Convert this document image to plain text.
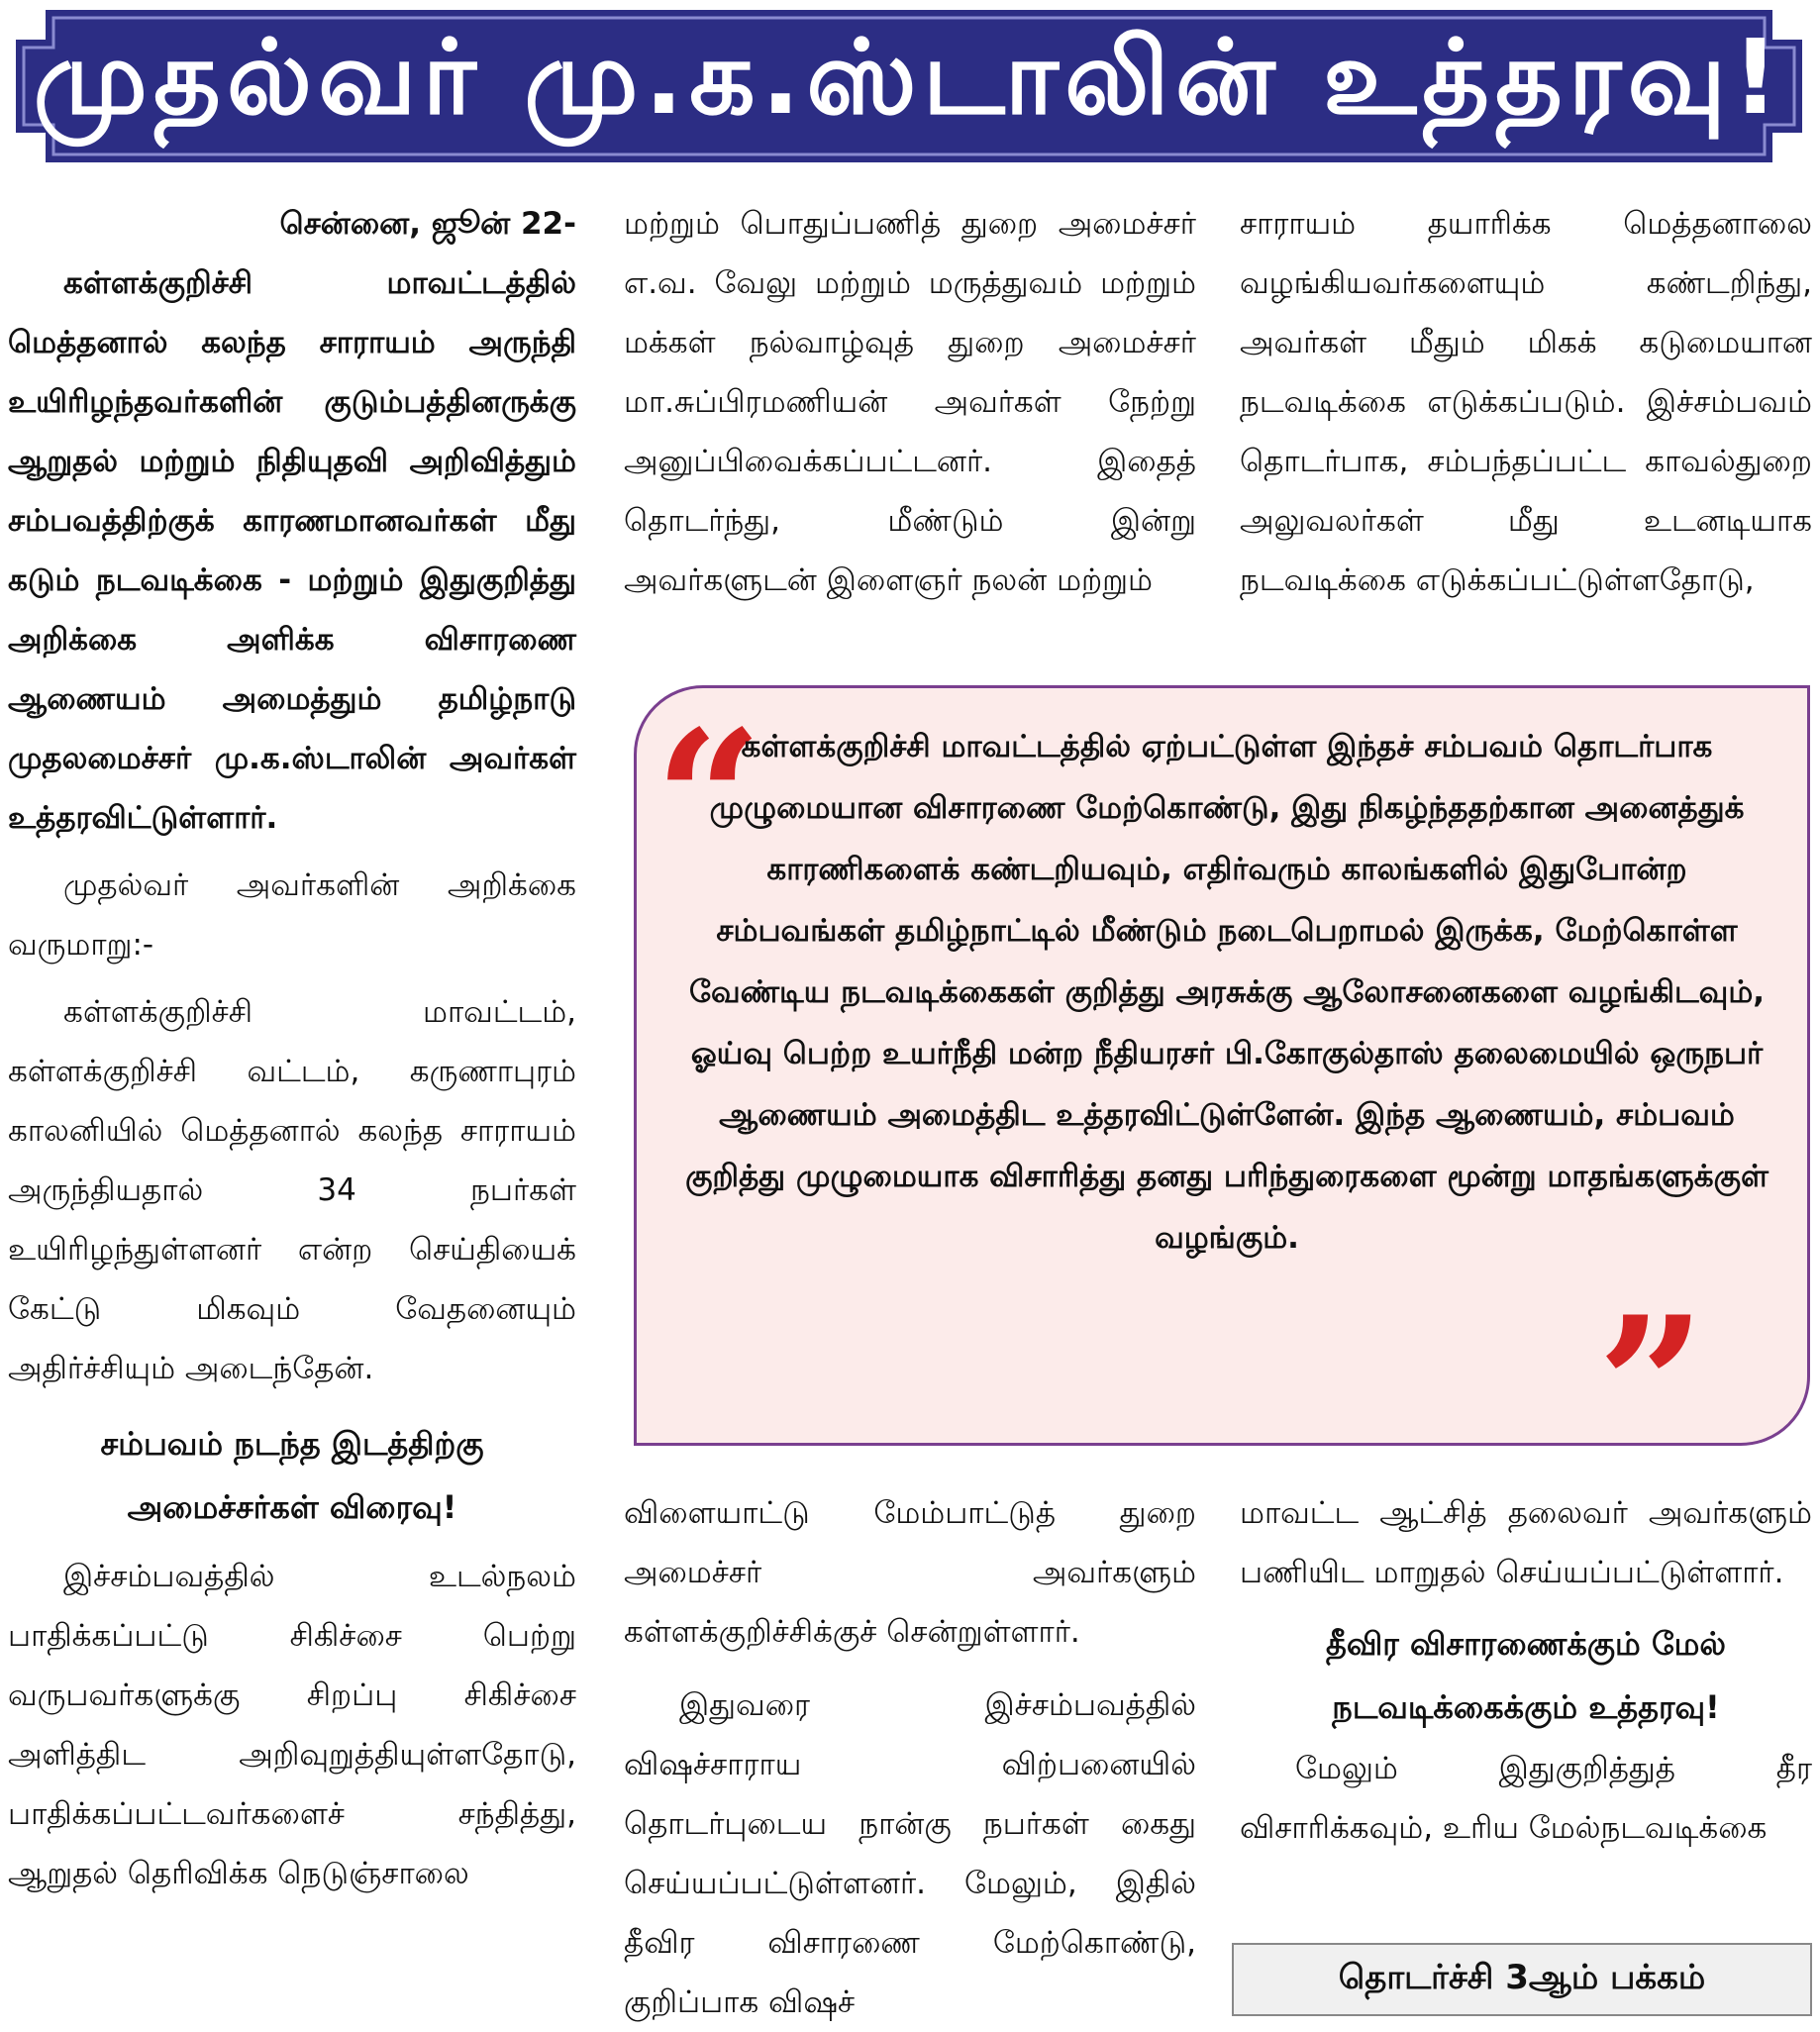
முதல்வர் மு.க.ஸ்டாலின் உத்தரவு!

சென்னை, ஜூன் 22-

கள்ளக்குறிச்சி மாவட்டத்தில் மெத்தனால் கலந்த சாராயம் அருந்தி உயிரிழந்தவர்களின் குடும்பத்தினருக்கு ஆறுதல் மற்றும் நிதியுதவி அறிவித்தும் சம்பவத்திற்குக் காரணமானவர்கள் மீது கடும் நடவடிக்கை - மற்றும் இதுகுறித்து அறிக்கை அளிக்க விசாரணை ஆணையம் அமைத்தும் தமிழ்நாடு முதலமைச்சர் மு.க.ஸ்டாலின் அவர்கள் உத்தரவிட்டுள்ளார்.

முதல்வர் அவர்களின் அறிக்கை வருமாறு:-

கள்ளக்குறிச்சி மாவட்டம், கள்ளக்குறிச்சி வட்டம், கருணாபுரம் காலனியில் மெத்தனால் கலந்த சாராயம் அருந்தியதால் 34 நபர்கள் உயிரிழந்துள்ளனர் என்ற செய்தியைக் கேட்டு மிகவும் வேதனையும் அதிர்ச்சியும் அடைந்தேன்.

சம்பவம் நடந்த இடத்திற்கு அமைச்சர்கள் விரைவு!

இச்சம்பவத்தில் உடல்நலம் பாதிக்கப்பட்டு சிகிச்சை பெற்று வருபவர்களுக்கு சிறப்பு சிகிச்சை அளித்திட அறிவுறுத்தியுள்ளதோடு, பாதிக்கப்பட்டவர்களைச் சந்தித்து, ஆறுதல் தெரிவிக்க நெடுஞ்சாலை

மற்றும் பொதுப்பணித் துறை அமைச்சர் எ.வ. வேலு மற்றும் மருத்துவம் மற்றும் மக்கள் நல்வாழ்வுத் துறை அமைச்சர் மா.சுப்பிரமணியன் அவர்கள் நேற்று அனுப்பிவைக்கப்பட்டனர். இதைத் தொடர்ந்து, மீண்டும் இன்று அவர்களுடன் இளைஞர் நலன் மற்றும்

சாராயம் தயாரிக்க மெத்தனாலை வழங்கியவர்களையும் கண்டறிந்து, அவர்கள் மீதும் மிகக் கடுமையான நடவடிக்கை எடுக்கப்படும். இச்சம்பவம் தொடர்பாக, சம்பந்தப்பட்ட காவல்துறை அலுவலர்கள் மீது உடனடியாக நடவடிக்கை எடுக்கப்பட்டுள்ளதோடு,

“
கள்ளக்குறிச்சி மாவட்டத்தில் ஏற்பட்டுள்ள இந்தச் சம்பவம் தொடர்பாக முழுமையான விசாரணை மேற்கொண்டு, இது நிகழ்ந்ததற்கான அனைத்துக் காரணிகளைக் கண்டறியவும், எதிர்வரும் காலங்களில் இதுபோன்ற சம்பவங்கள் தமிழ்நாட்டில் மீண்டும் நடைபெறாமல் இருக்க, மேற்கொள்ள வேண்டிய நடவடிக்கைகள் குறித்து அரசுக்கு ஆலோசனைகளை வழங்கிடவும், ஓய்வு பெற்ற உயர்நீதி மன்ற நீதியரசர் பி.கோகுல்தாஸ் தலைமையில் ஒருநபர் ஆணையம் அமைத்திட உத்தரவிட்டுள்ளேன். இந்த ஆணையம், சம்பவம் குறித்து முழுமையாக விசாரித்து தனது பரிந்துரைகளை மூன்று மாதங்களுக்குள் வழங்கும்.
”

விளையாட்டு மேம்பாட்டுத் துறை அமைச்சர் அவர்களும் கள்ளக்குறிச்சிக்குச் சென்றுள்ளார்.

இதுவரை இச்சம்பவத்தில் விஷச்சாராய விற்பனையில் தொடர்புடைய நான்கு நபர்கள் கைது செய்யப்பட்டுள்ளனர். மேலும், இதில் தீவிர விசாரணை மேற்கொண்டு, குறிப்பாக விஷச்

மாவட்ட ஆட்சித் தலைவர் அவர்களும் பணியிட மாறுதல் செய்யப்பட்டுள்ளார்.

தீவிர விசாரணைக்கும் மேல் நடவடிக்கைக்கும் உத்தரவு!

மேலும் இதுகுறித்துத் தீர விசாரிக்கவும், உரிய மேல்நடவடிக்கை

தொடர்ச்சி 3ஆம் பக்கம்
